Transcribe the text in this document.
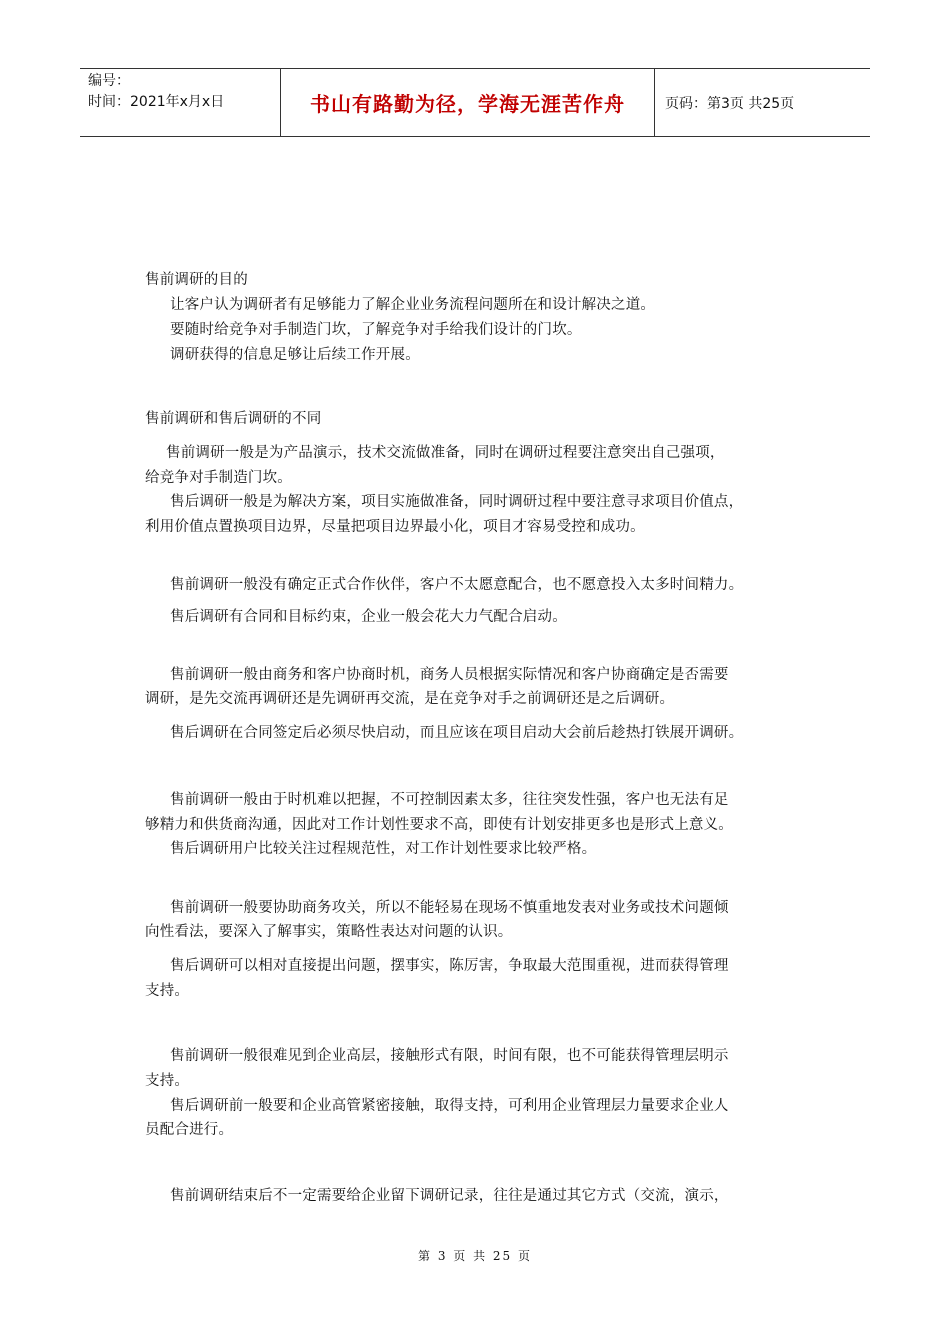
编号：
时间：2021年x月x日	书山有路勤为径，学海无涯苦作舟	页码：第3页 共25页
售前调研的目的
让客户认为调研者有足够能力了解企业业务流程问题所在和设计解决之道。
要随时给竞争对手制造门坎，了解竞争对手给我们设计的门坎。
调研获得的信息足够让后续工作开展。
售前调研和售后调研的不同
售前调研一般是为产品演示，技术交流做准备，同时在调研过程要注意突出自己强项，
给竞争对手制造门坎。
售后调研一般是为解决方案，项目实施做准备，同时调研过程中要注意寻求项目价值点，
利用价值点置换项目边界，尽量把项目边界最小化，项目才容易受控和成功。
售前调研一般没有确定正式合作伙伴，客户不太愿意配合，也不愿意投入太多时间精力。
售后调研有合同和目标约束，企业一般会花大力气配合启动。
售前调研一般由商务和客户协商时机，商务人员根据实际情况和客户协商确定是否需要
调研，是先交流再调研还是先调研再交流，是在竞争对手之前调研还是之后调研。
售后调研在合同签定后必须尽快启动，而且应该在项目启动大会前后趁热打铁展开调研。
售前调研一般由于时机难以把握，不可控制因素太多，往往突发性强，客户也无法有足
够精力和供货商沟通，因此对工作计划性要求不高，即使有计划安排更多也是形式上意义。
售后调研用户比较关注过程规范性，对工作计划性要求比较严格。
售前调研一般要协助商务攻关，所以不能轻易在现场不慎重地发表对业务或技术问题倾
向性看法，要深入了解事实，策略性表达对问题的认识。
售后调研可以相对直接提出问题，摆事实，陈厉害，争取最大范围重视，进而获得管理
支持。
售前调研一般很难见到企业高层，接触形式有限，时间有限，也不可能获得管理层明示
支持。
售后调研前一般要和企业高管紧密接触，取得支持，可利用企业管理层力量要求企业人
员配合进行。
售前调研结束后不一定需要给企业留下调研记录，往往是通过其它方式（交流，演示，
第 3 页 共 25 页
